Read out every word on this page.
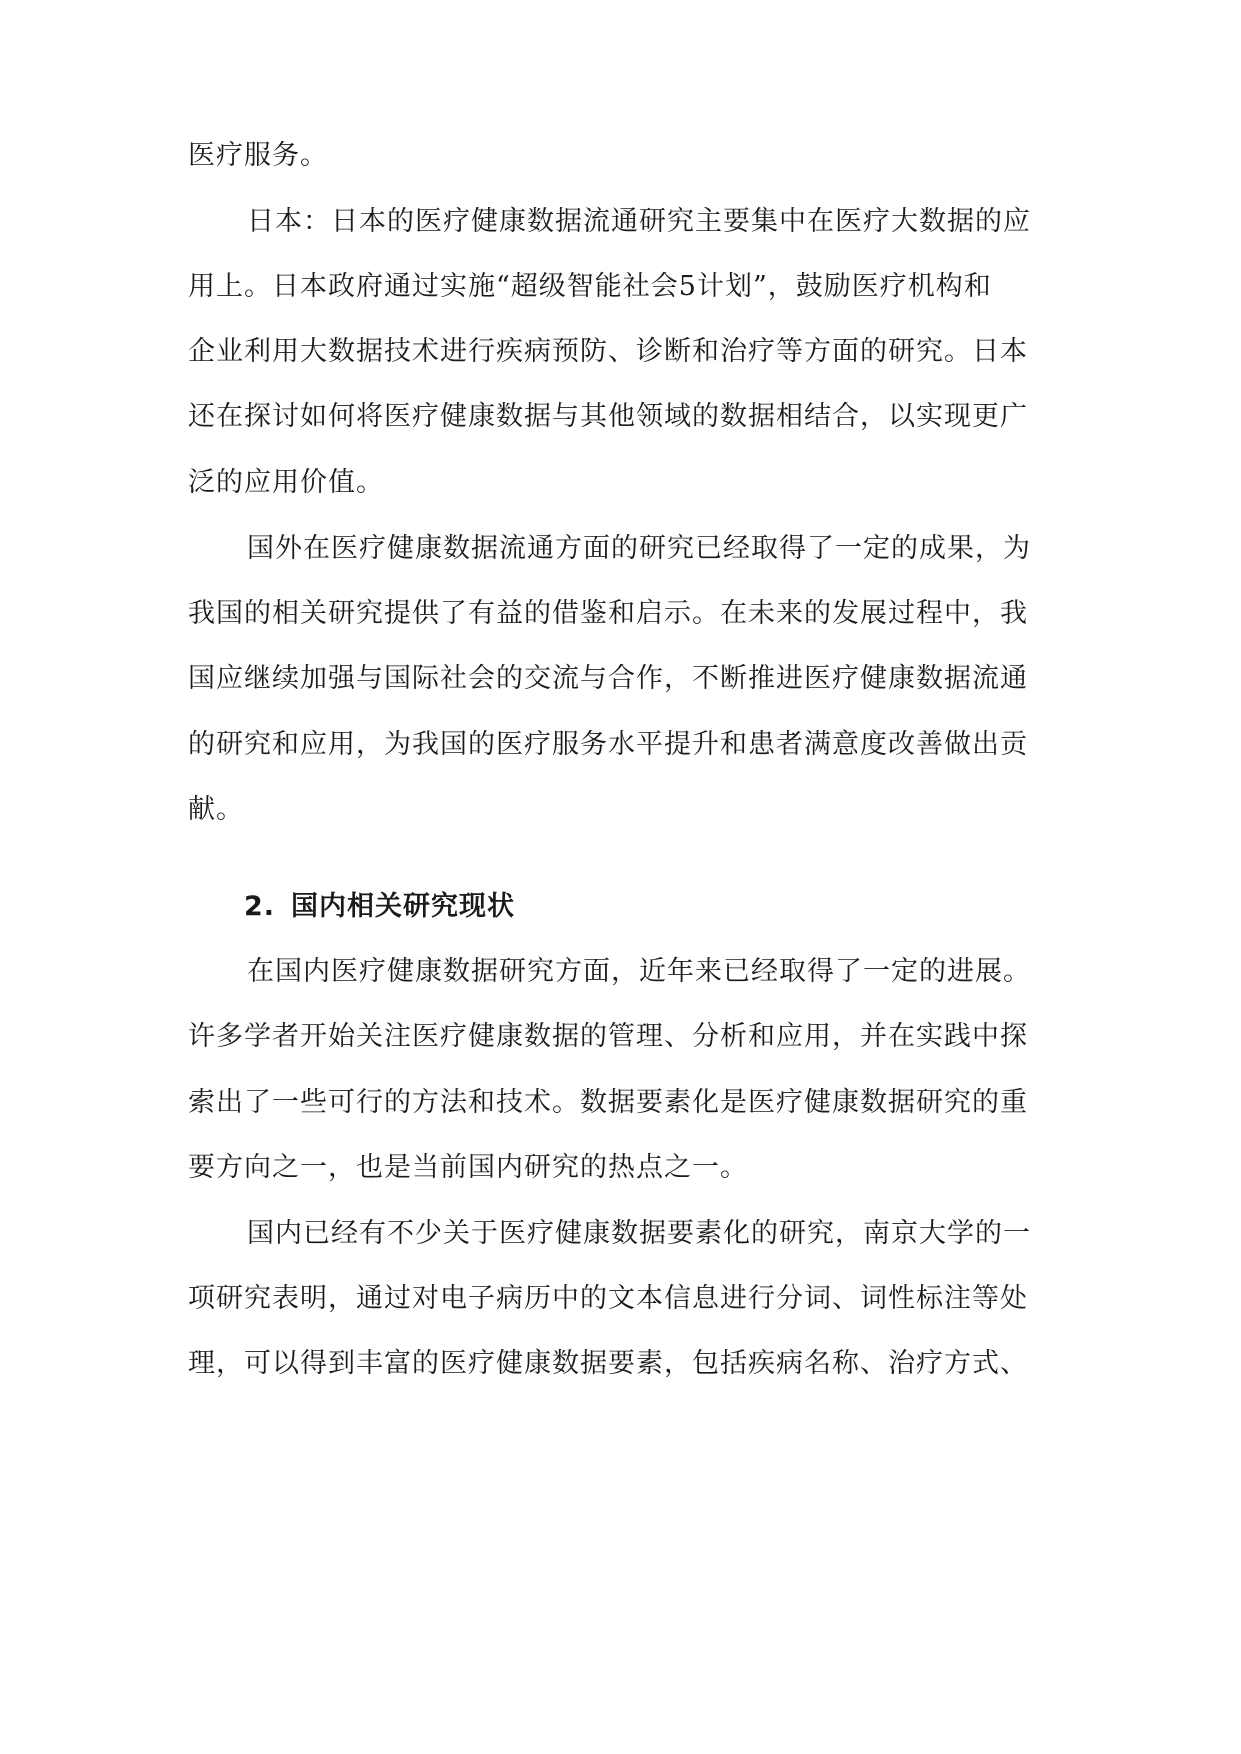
医疗服务。
日本：日本的医疗健康数据流通研究主要集中在医疗大数据的应
用上。日本政府通过实施“超级智能社会5计划”，鼓励医疗机构和
企业利用大数据技术进行疾病预防、诊断和治疗等方面的研究。日本
还在探讨如何将医疗健康数据与其他领域的数据相结合，以实现更广
泛的应用价值。
国外在医疗健康数据流通方面的研究已经取得了一定的成果，为
我国的相关研究提供了有益的借鉴和启示。在未来的发展过程中，我
国应继续加强与国际社会的交流与合作，不断推进医疗健康数据流通
的研究和应用，为我国的医疗服务水平提升和患者满意度改善做出贡
献。
2. 国内相关研究现状
在国内医疗健康数据研究方面，近年来已经取得了一定的进展。
许多学者开始关注医疗健康数据的管理、分析和应用，并在实践中探
索出了一些可行的方法和技术。数据要素化是医疗健康数据研究的重
要方向之一，也是当前国内研究的热点之一。
国内已经有不少关于医疗健康数据要素化的研究，南京大学的一
项研究表明，通过对电子病历中的文本信息进行分词、词性标注等处
理，可以得到丰富的医疗健康数据要素，包括疾病名称、治疗方式、
